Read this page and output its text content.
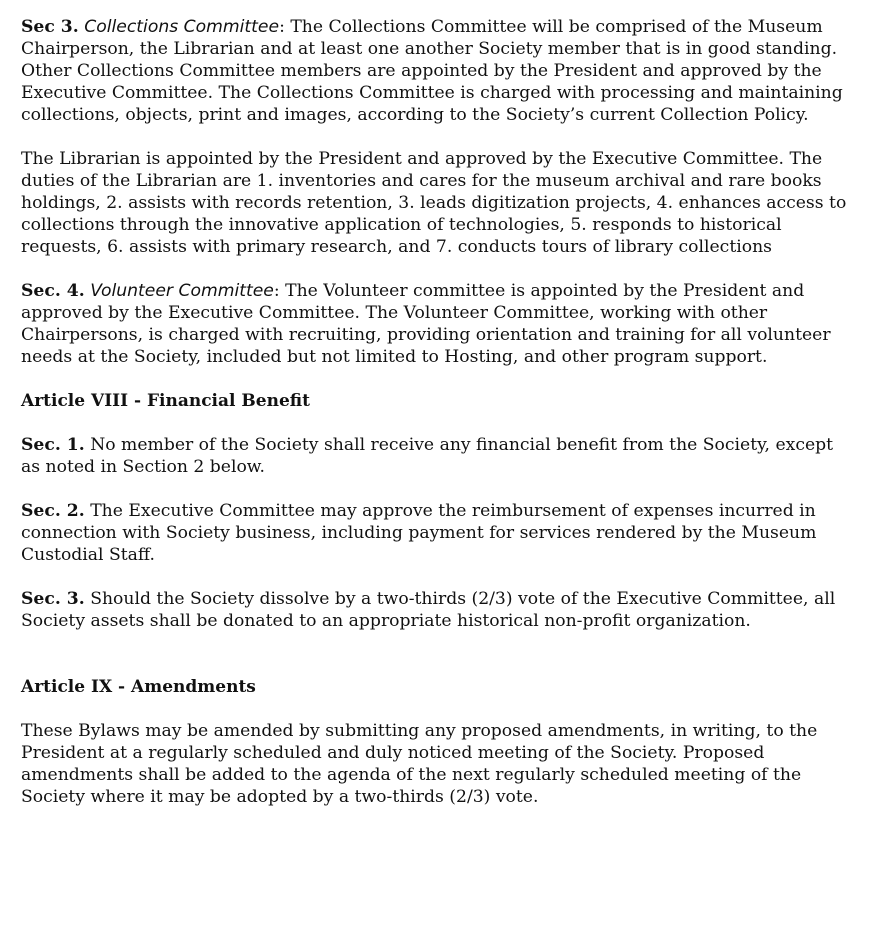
Sec 3. Collections Committee: The Collections Committee will be comprised of the Museum Chairperson, the Librarian and at least one another Society member that is in good standing. Other Collections Committee members are appointed by the President and approved by the Executive Committee. The Collections Committee is charged with processing and maintaining collections, objects, print and images, according to the Society’s current Collection Policy.

The Librarian is appointed by the President and approved by the Executive Committee. The duties of the Librarian are 1. inventories and cares for the museum archival and rare books holdings, 2. assists with records retention, 3. leads digitization projects, 4. enhances access to collections through the innovative application of technologies, 5. responds to historical requests, 6. assists with primary research, and 7. conducts tours of library collections

Sec. 4. Volunteer Committee: The Volunteer committee is appointed by the President and approved by the Executive Committee. The Volunteer Committee, working with other Chairpersons, is charged with recruiting, providing orientation and training for all volunteer needs at the Society, included but not limited to Hosting, and other program support.

Article VIII - Financial Benefit

Sec. 1. No member of the Society shall receive any financial benefit from the Society, except as noted in Section 2 below.

Sec. 2. The Executive Committee may approve the reimbursement of expenses incurred in connection with Society business, including payment for services rendered by the Museum Custodial Staff.

Sec. 3. Should the Society dissolve by a two-thirds (2/3) vote of the Executive Committee, all Society assets shall be donated to an appropriate historical non-profit organization.

Article IX - Amendments

These Bylaws may be amended by submitting any proposed amendments, in writing, to the President at a regularly scheduled and duly noticed meeting of the Society. Proposed amendments shall be added to the agenda of the next regularly scheduled meeting of the Society where it may be adopted by a two-thirds (2/3) vote.
